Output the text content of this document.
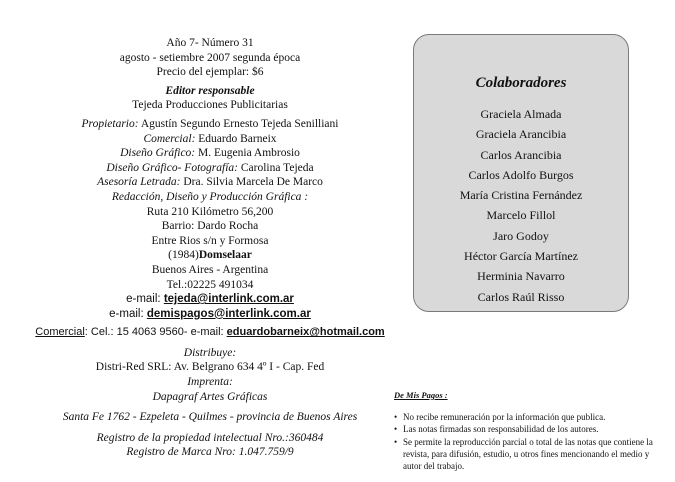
Año 7- Número 31
agosto - setiembre 2007 segunda época
Precio del ejemplar: $6
Editor responsable
Tejeda Producciones Publicitarias
Propietario: Agustín Segundo Ernesto Tejeda Senilliani
Comercial: Eduardo Barneix
Diseño Gráfico: M. Eugenia Ambrosio
Diseño Gráfico- Fotografía: Carolina Tejeda
Asesoría Letrada: Dra. Silvia Marcela De Marco
Redacción, Diseño y Producción Gráfica :
Ruta 210 Kilómetro 56,200
Barrio: Dardo Rocha
Entre Rios s/n y Formosa
(1984)Domselaar
Buenos Aires - Argentina
Tel.:02225 491034
e-mail: tejeda@interlink.com.ar
e-mail: demispagos@interlink.com.ar
Comercial: Cel.: 15 4063 9560- e-mail: eduardobarneix@hotmail.com
Distribuye:
Distri-Red SRL: Av. Belgrano 634 4º I - Cap. Fed
Imprenta:
Dapagraf Artes Gráficas
Santa Fe 1762 - Ezpeleta - Quilmes - provincia de Buenos Aires
Registro de la propiedad intelectual Nro.:360484
Registro de Marca Nro: 1.047.759/9
Colaboradores
Graciela Almada
Graciela Arancibia
Carlos Arancibia
Carlos Adolfo Burgos
María Cristina Fernández
Marcelo Fillol
Jaro Godoy
Héctor García Martínez
Herminia Navarro
Carlos Raúl Risso
De Mis Pagos :
• No recibe remuneración por la información que publica.
• Las notas firmadas son responsabilidad de los autores.
• Se permite la reproducción parcial o total de las notas que contiene la revista, para difusión, estudio, u otros fines mencionando el medio y autor del trabajo.
